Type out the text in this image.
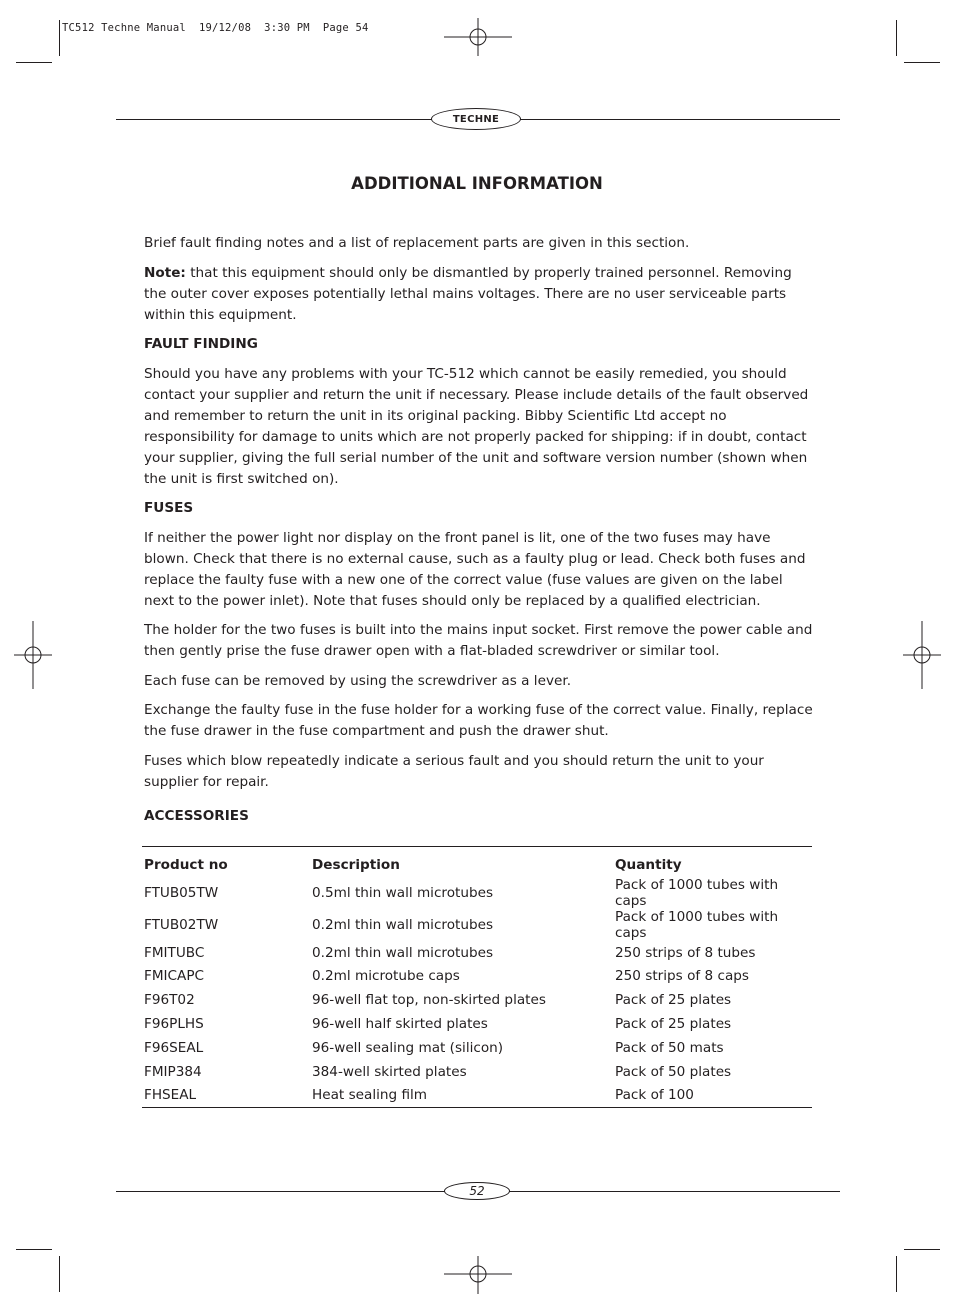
TC512 Techne Manual  19/12/08  3:30 PM  Page 54
TECHNE
ADDITIONAL INFORMATION

Brief fault finding notes and a list of replacement parts are given in this section.

Note: that this equipment should only be dismantled by properly trained personnel. Removing the outer cover exposes potentially lethal mains voltages. There are no user serviceable parts within this equipment.

FAULT FINDING

Should you have any problems with your TC-512 which cannot be easily remedied, you should contact your supplier and return the unit if necessary. Please include details of the fault observed and remember to return the unit in its original packing. Bibby Scientific Ltd accept no responsibility for damage to units which are not properly packed for shipping: if in doubt, contact your supplier, giving the full serial number of the unit and software version number (shown when the unit is first switched on).

FUSES

If neither the power light nor display on the front panel is lit, one of the two fuses may have blown. Check that there is no external cause, such as a faulty plug or lead. Check both fuses and replace the faulty fuse with a new one of the correct value (fuse values are given on the label next to the power inlet). Note that fuses should only be replaced by a qualified electrician.

The holder for the two fuses is built into the mains input socket. First remove the power cable and then gently prise the fuse drawer open with a flat-bladed screwdriver or similar tool.

Each fuse can be removed by using the screwdriver as a lever.

Exchange the faulty fuse in the fuse holder for a working fuse of the correct value. Finally, replace the fuse drawer in the fuse compartment and push the drawer shut.

Fuses which blow repeatedly indicate a serious fault and you should return the unit to your supplier for repair.

ACCESSORIES
Product no	Description	Quantity
FTUB05TW	0.5ml thin wall microtubes	Pack of 1000 tubes with caps
FTUB02TW	0.2ml thin wall microtubes	Pack of 1000 tubes with caps
FMITUBC	0.2ml thin wall microtubes	250 strips of 8 tubes
FMICAPC	0.2ml microtube caps	250 strips of 8 caps
F96T02	96-well flat top, non-skirted plates	Pack of 25 plates
F96PLHS	96-well half skirted plates	Pack of 25 plates
F96SEAL	96-well sealing mat (silicon)	Pack of 50 mats
FMIP384	384-well skirted plates	Pack of 50 plates
FHSEAL	Heat sealing film	Pack of 100
52
